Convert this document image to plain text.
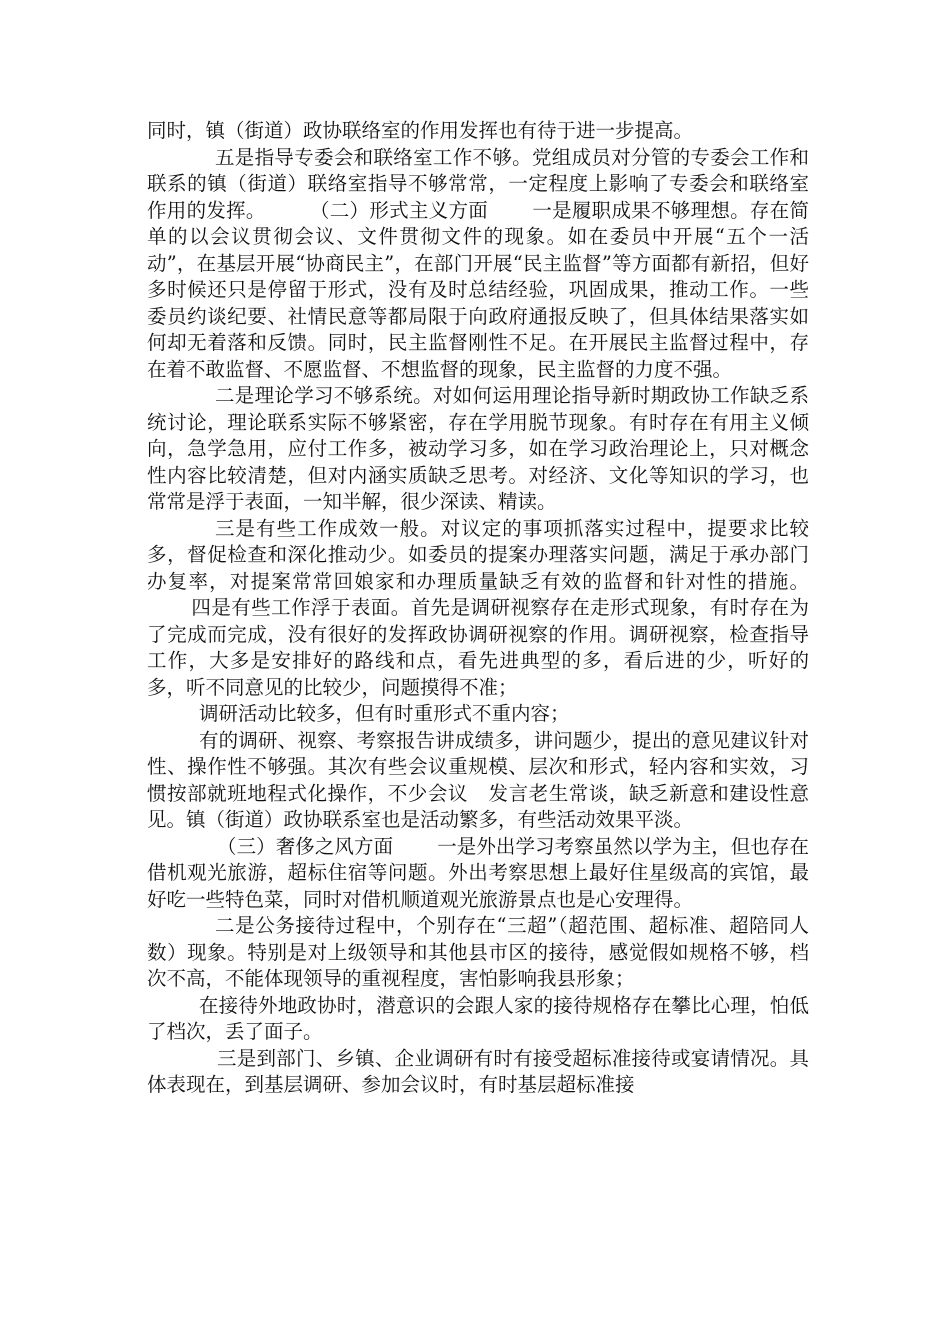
同时，镇（街道）政协联络室的作用发挥也有待于进一步提高。

五是指导专委会和联络室工作不够。党组成员对分管的专委会工作和联系的镇（街道）联络室指导不够常常，一定程度上影响了专委会和联络室作用的发挥。 （二）形式主义方面 一是履职成果不够理想。存在简单的以会议贯彻会议、文件贯彻文件的现象。如在委员中开展“五个一活动”，在基层开展“协商民主”，在部门开展“民主监督”等方面都有新招，但好多时候还只是停留于形式，没有及时总结经验，巩固成果，推动工作。一些委员约谈纪要、社情民意等都局限于向政府通报反映了，但具体结果落实如何却无着落和反馈。同时，民主监督刚性不足。在开展民主监督过程中，存在着不敢监督、不愿监督、不想监督的现象，民主监督的力度不强。

二是理论学习不够系统。对如何运用理论指导新时期政协工作缺乏系统讨论，理论联系实际不够紧密，存在学用脱节现象。有时存在有用主义倾向，急学急用，应付工作多，被动学习多，如在学习政治理论上，只对概念性内容比较清楚，但对内涵实质缺乏思考。对经济、文化等知识的学习，也常常是浮于表面，一知半解，很少深读、精读。

三是有些工作成效一般。对议定的事项抓落实过程中，提要求比较多，督促检查和深化推动少。如委员的提案办理落实问题，满足于承办部门办复率，对提案常常回娘家和办理质量缺乏有效的监督和针对性的措施。四是有些工作浮于表面。首先是调研视察存在走形式现象，有时存在为了完成而完成，没有很好的发挥政协调研视察的作用。调研视察，检查指导工作，大多是安排好的路线和点，看先进典型的多，看后进的少，听好的多，听不同意见的比较少，问题摸得不准；

调研活动比较多，但有时重形式不重内容；

有的调研、视察、考察报告讲成绩多，讲问题少，提出的意见建议针对性、操作性不够强。其次有些会议重规模、层次和形式，轻内容和实效，习惯按部就班地程式化操作，不少会议 发言老生常谈，缺乏新意和建设性意见。镇（街道）政协联系室也是活动繁多，有些活动效果平淡。

（三）奢侈之风方面 一是外出学习考察虽然以学为主，但也存在借机观光旅游，超标住宿等问题。外出考察思想上最好住星级高的宾馆，最好吃一些特色菜，同时对借机顺道观光旅游景点也是心安理得。

二是公务接待过程中，个别存在“三超”（超范围、超标准、超陪同人数）现象。特别是对上级领导和其他县市区的接待，感觉假如规格不够，档次不高，不能体现领导的重视程度，害怕影响我县形象；

在接待外地政协时，潜意识的会跟人家的接待规格存在攀比心理，怕低了档次，丢了面子。

三是到部门、乡镇、企业调研有时有接受超标准接待或宴请情况。具体表现在，到基层调研、参加会议时，有时基层超标准接
